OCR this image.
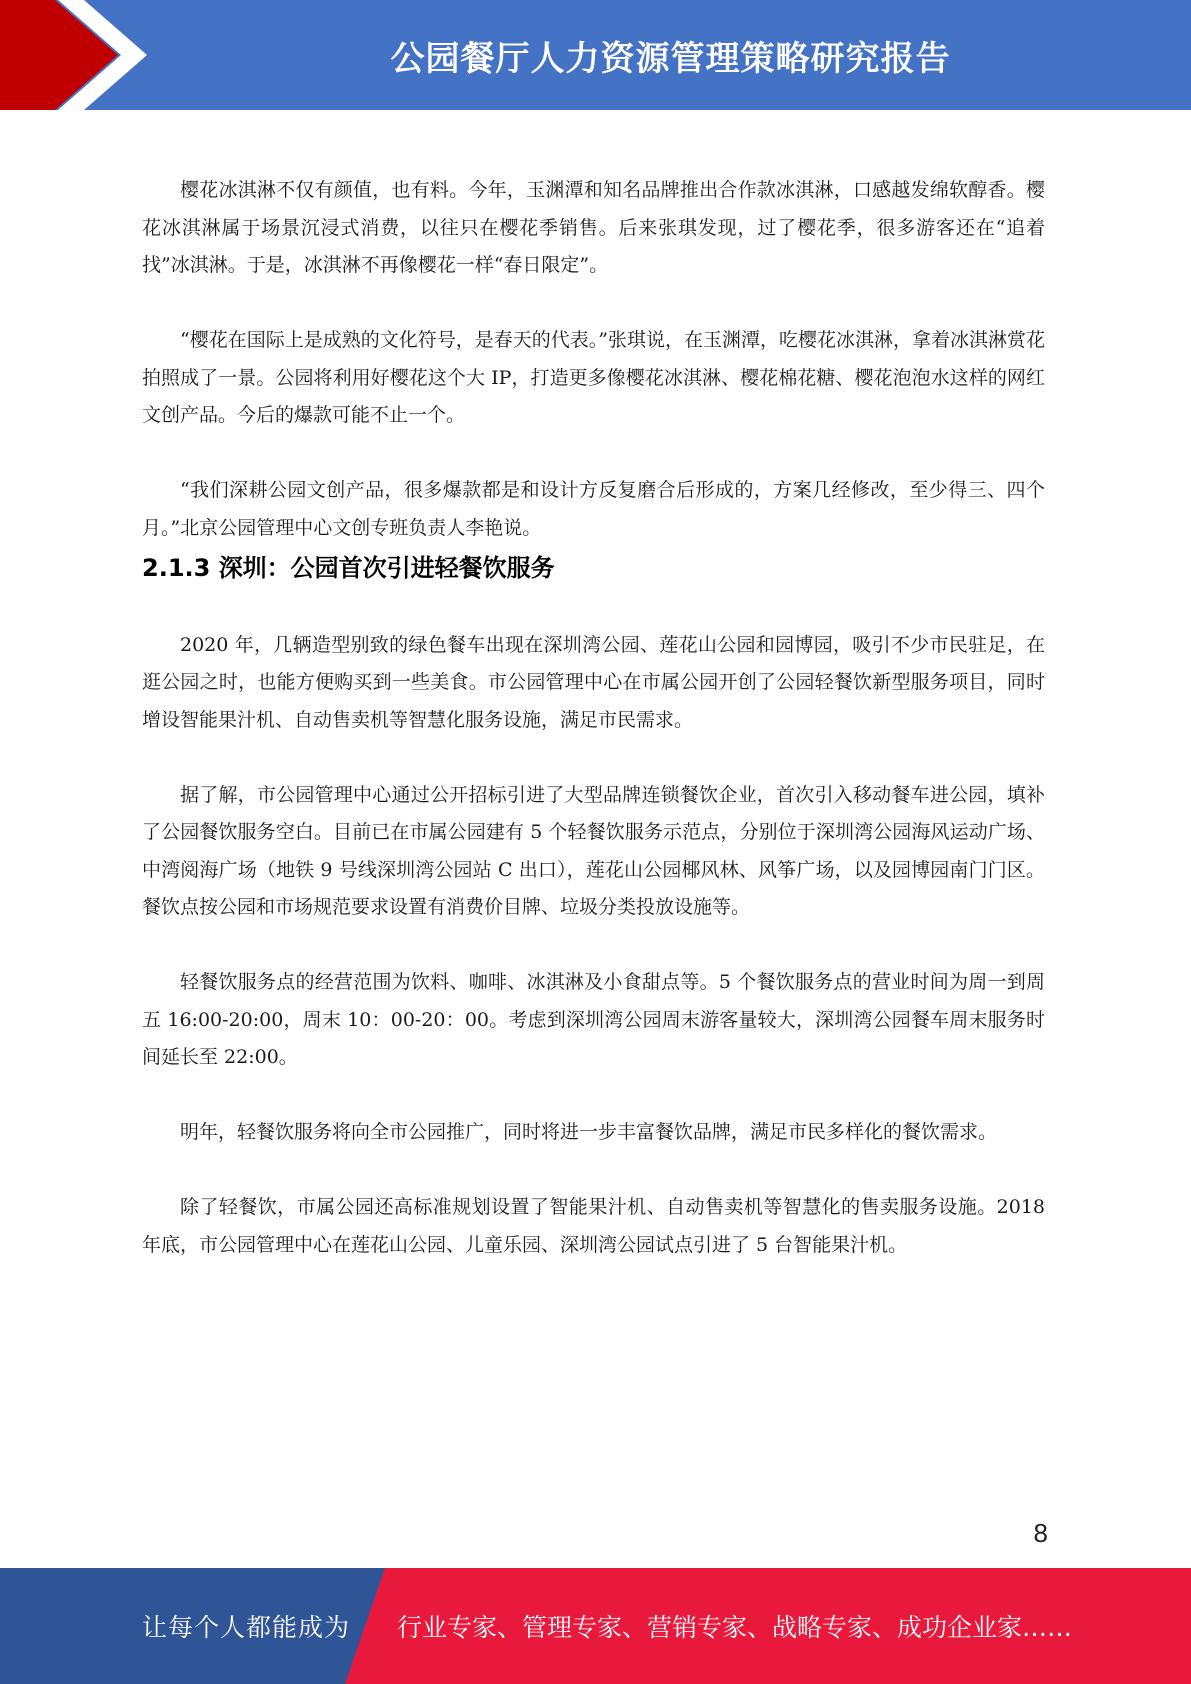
公园餐厅人力资源管理策略研究报告

樱花冰淇淋不仅有颜值，也有料。今年，玉渊潭和知名品牌推出合作款冰淇淋，口感越发绵软醇香。樱花冰淇淋属于场景沉浸式消费，以往只在樱花季销售。后来张琪发现，过了樱花季，很多游客还在“追着找”冰淇淋。于是，冰淇淋不再像樱花一样“春日限定”。

“樱花在国际上是成熟的文化符号，是春天的代表。”张琪说，在玉渊潭，吃樱花冰淇淋，拿着冰淇淋赏花拍照成了一景。公园将利用好樱花这个大 IP，打造更多像樱花冰淇淋、樱花棉花糖、樱花泡泡水这样的网红文创产品。今后的爆款可能不止一个。

“我们深耕公园文创产品，很多爆款都是和设计方反复磨合后形成的，方案几经修改，至少得三、四个月。”北京公园管理中心文创专班负责人李艳说。

2.1.3 深圳：公园首次引进轻餐饮服务

2020 年，几辆造型别致的绿色餐车出现在深圳湾公园、莲花山公园和园博园，吸引不少市民驻足，在逛公园之时，也能方便购买到一些美食。市公园管理中心在市属公园开创了公园轻餐饮新型服务项目，同时增设智能果汁机、自动售卖机等智慧化服务设施，满足市民需求。

据了解，市公园管理中心通过公开招标引进了大型品牌连锁餐饮企业，首次引入移动餐车进公园，填补了公园餐饮服务空白。目前已在市属公园建有 5 个轻餐饮服务示范点，分别位于深圳湾公园海风运动广场、中湾阅海广场（地铁 9 号线深圳湾公园站 C 出口），莲花山公园椰风林、风筝广场，以及园博园南门门区。餐饮点按公园和市场规范要求设置有消费价目牌、垃圾分类投放设施等。

轻餐饮服务点的经营范围为饮料、咖啡、冰淇淋及小食甜点等。5 个餐饮服务点的营业时间为周一到周五 16:00-20:00，周末 10：00-20：00。考虑到深圳湾公园周末游客量较大，深圳湾公园餐车周末服务时间延长至 22:00。

明年，轻餐饮服务将向全市公园推广，同时将进一步丰富餐饮品牌，满足市民多样化的餐饮需求。

除了轻餐饮，市属公园还高标准规划设置了智能果汁机、自动售卖机等智慧化的售卖服务设施。2018 年底，市公园管理中心在莲花山公园、儿童乐园、深圳湾公园试点引进了 5 台智能果汁机。

8
让每个人都能成为 行业专家、管理专家、营销专家、战略专家、成功企业家……
